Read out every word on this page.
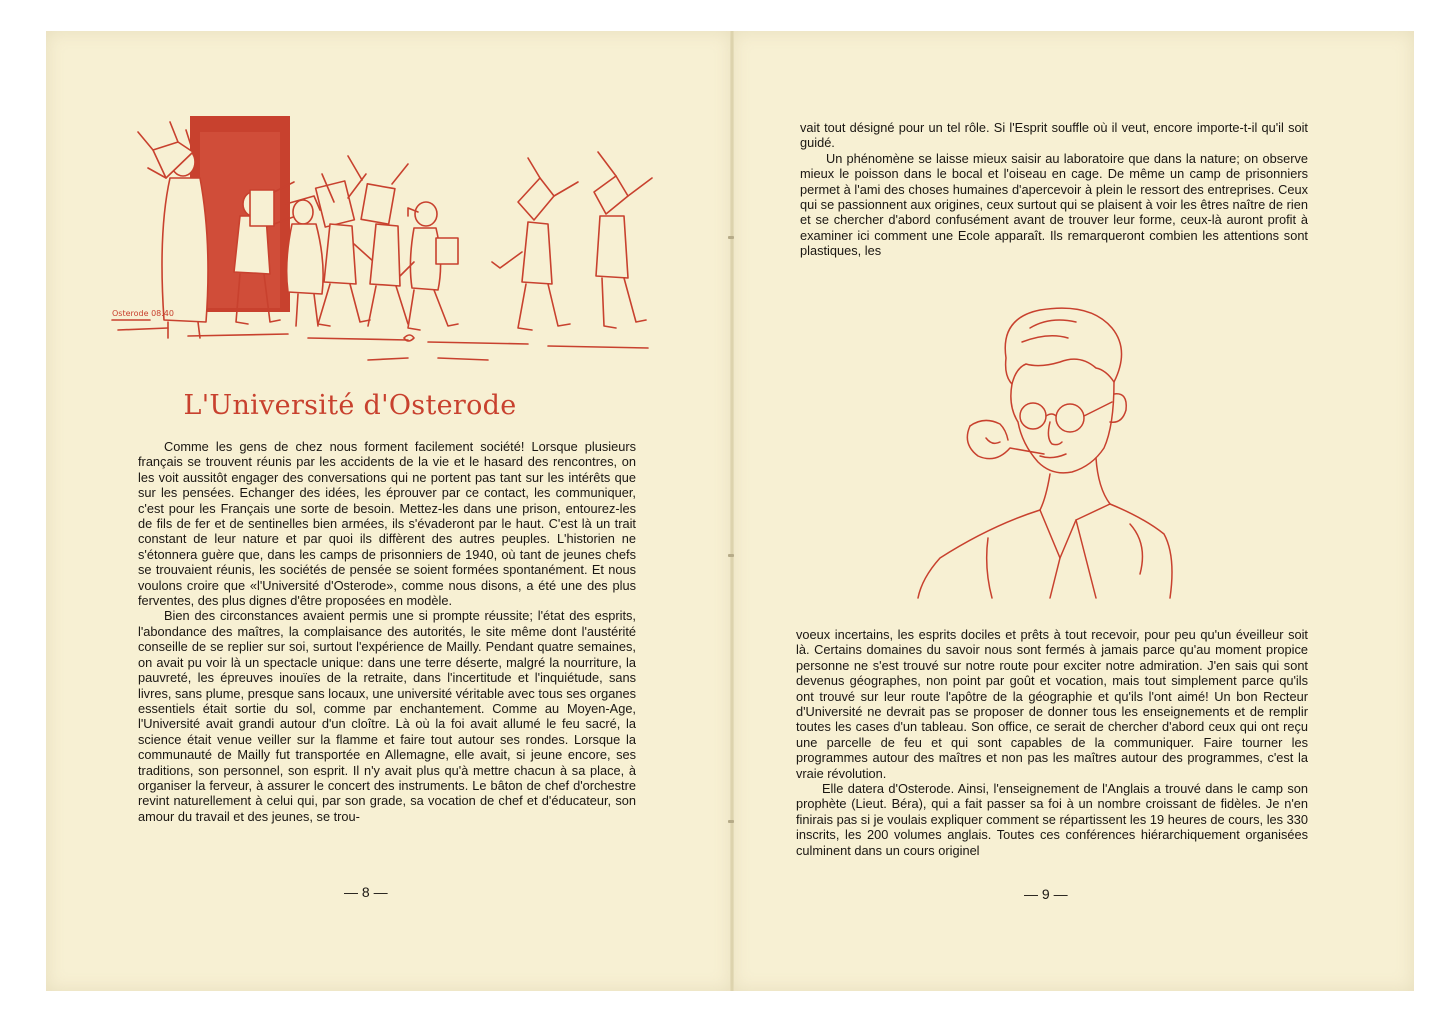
Osterode 08.40
L'Université d'Osterode

Comme les gens de chez nous forment facilement société! Lorsque plusieurs français se trouvent réunis par les accidents de la vie et le hasard des rencontres, on les voit aussitôt engager des conversations qui ne portent pas tant sur les intérêts que sur les pensées. Echanger des idées, les éprouver par ce contact, les communiquer, c'est pour les Français une sorte de besoin. Mettez-les dans une prison, entourez-les de fils de fer et de sentinelles bien armées, ils s'évaderont par le haut. C'est là un trait constant de leur nature et par quoi ils diffèrent des autres peuples. L'historien ne s'étonnera guère que, dans les camps de prisonniers de 1940, où tant de jeunes chefs se trouvaient réunis, les sociétés de pensée se soient formées spontanément. Et nous voulons croire que «l'Université d'Osterode», comme nous disons, a été une des plus ferventes, des plus dignes d'être proposées en modèle.

Bien des circonstances avaient permis une si prompte réussite; l'état des esprits, l'abondance des maîtres, la complaisance des autorités, le site même dont l'austérité conseille de se replier sur soi, surtout l'expérience de Mailly. Pendant quatre semaines, on avait pu voir là un spectacle unique: dans une terre déserte, malgré la nourriture, la pauvreté, les épreuves inouïes de la retraite, dans l'incertitude et l'inquiétude, sans livres, sans plume, presque sans locaux, une université véritable avec tous ses organes essentiels était sortie du sol, comme par enchantement. Comme au Moyen-Age, l'Université avait grandi autour d'un cloître. Là où la foi avait allumé le feu sacré, la science était venue veiller sur la flamme et faire tout autour ses rondes. Lorsque la communauté de Mailly fut transportée en Allemagne, elle avait, si jeune encore, ses traditions, son personnel, son esprit. Il n'y avait plus qu'à mettre chacun à sa place, à organiser la ferveur, à assurer le concert des instruments. Le bâton de chef d'orchestre revint naturellement à celui qui, par son grade, sa vocation de chef et d'éducateur, son amour du travail et des jeunes, se trou-

— 8 —

vait tout désigné pour un tel rôle. Si l'Esprit souffle où il veut, encore importe-t-il qu'il soit guidé.

Un phénomène se laisse mieux saisir au laboratoire que dans la nature; on observe mieux le poisson dans le bocal et l'oiseau en cage. De même un camp de prisonniers permet à l'ami des choses humaines d'apercevoir à plein le ressort des entreprises. Ceux qui se passionnent aux origines, ceux surtout qui se plaisent à voir les êtres naître de rien et se chercher d'abord confusément avant de trouver leur forme, ceux-là auront profit à examiner ici comment une Ecole apparaît. Ils remarqueront combien les attentions sont plastiques, les

voeux incertains, les esprits dociles et prêts à tout recevoir, pour peu qu'un éveilleur soit là. Certains domaines du savoir nous sont fermés à jamais parce qu'au moment propice personne ne s'est trouvé sur notre route pour exciter notre admiration. J'en sais qui sont devenus géographes, non point par goût et vocation, mais tout simplement parce qu'ils ont trouvé sur leur route l'apôtre de la géographie et qu'ils l'ont aimé! Un bon Recteur d'Université ne devrait pas se proposer de donner tous les enseignements et de remplir toutes les cases d'un tableau. Son office, ce serait de chercher d'abord ceux qui ont reçu une parcelle de feu et qui sont capables de la communiquer. Faire tourner les programmes autour des maîtres et non pas les maîtres autour des programmes, c'est la vraie révolution.

Elle datera d'Osterode. Ainsi, l'enseignement de l'Anglais a trouvé dans le camp son prophète (Lieut. Béra), qui a fait passer sa foi à un nombre croissant de fidèles. Je n'en finirais pas si je voulais expliquer comment se répartissent les 19 heures de cours, les 330 inscrits, les 200 volumes anglais. Toutes ces conférences hiérarchiquement organisées culminent dans un cours originel

— 9 —
